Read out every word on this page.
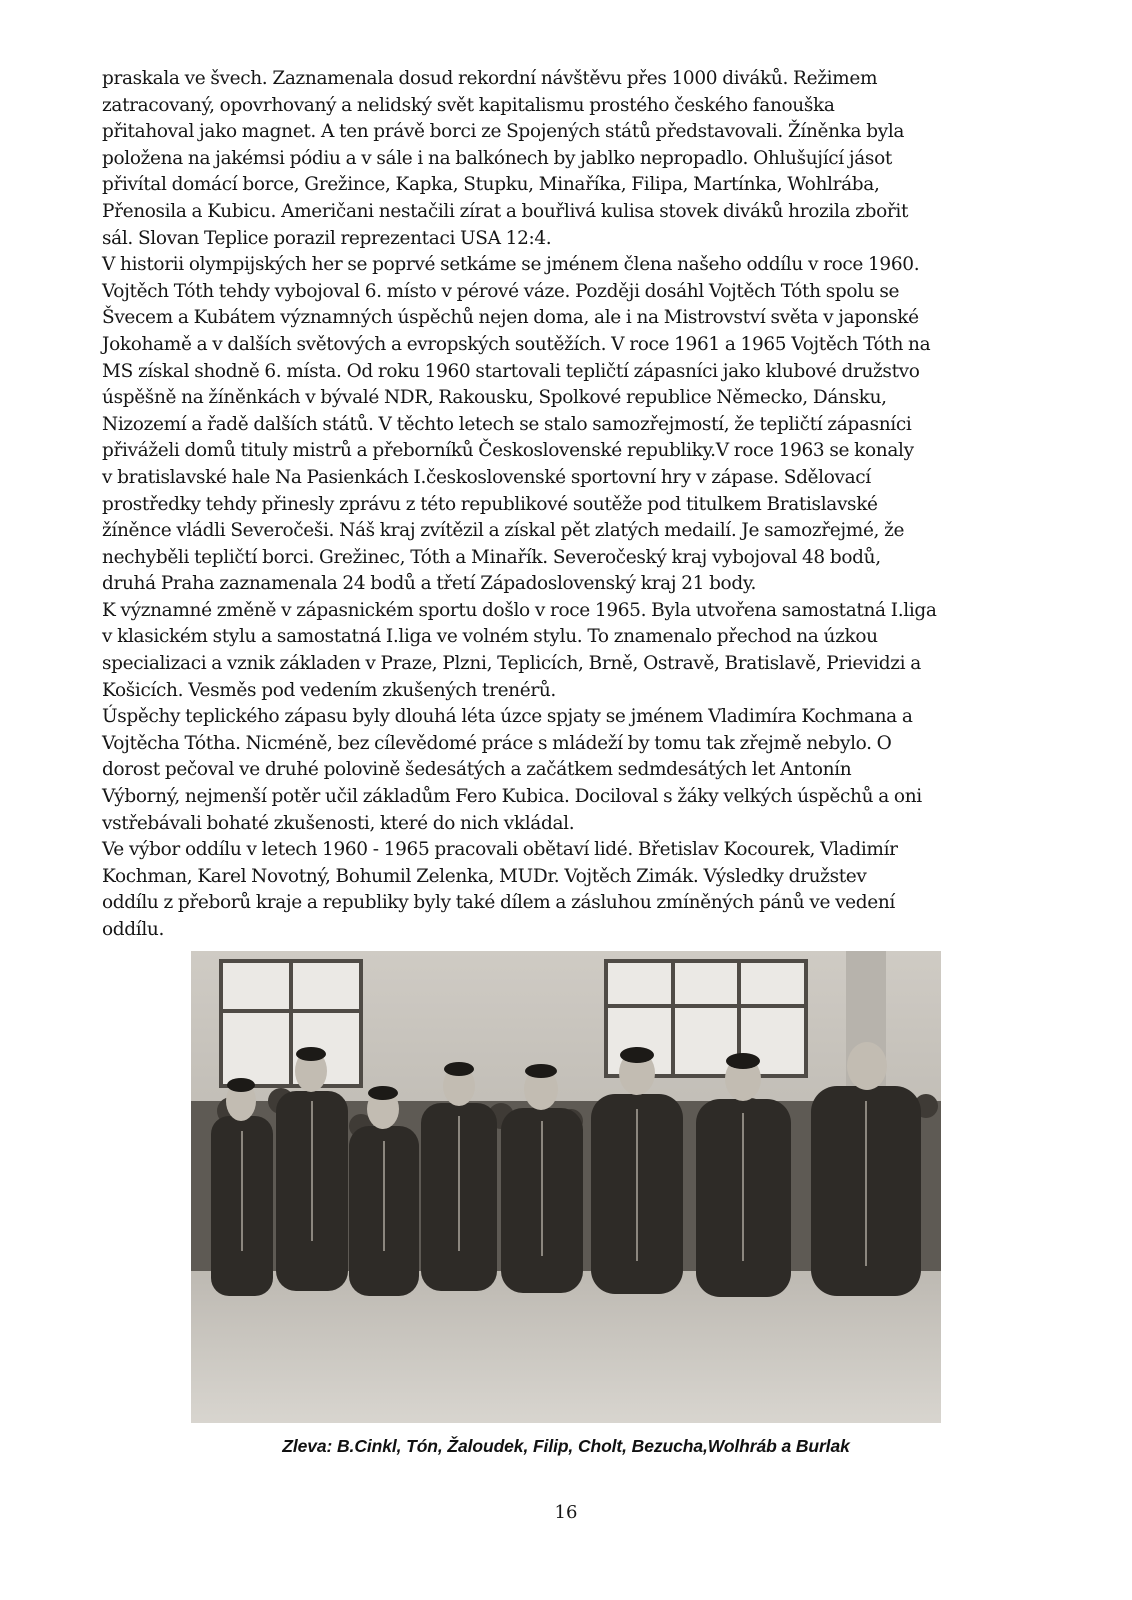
praskala ve švech. Zaznamenala dosud rekordní návštěvu přes 1000 diváků. Režimem
zatracovaný, opovrhovaný a nelidský svět kapitalismu prostého českého fanouška
přitahoval jako magnet. A ten právě borci ze Spojených států představovali. Žíněnka byla
položena na jakémsi pódiu a v sále i na balkónech by jablko nepropadlo. Ohlušující jásot
přivítal domácí borce, Grežince, Kapka, Stupku, Minaříka, Filipa, Martínka, Wohlrába,
Přenosila a Kubicu. Američani nestačili zírat a bouřlivá kulisa stovek diváků hrozila zbořit
sál. Slovan Teplice porazil reprezentaci USA 12:4.
V historii olympijských her se poprvé setkáme se jménem člena našeho oddílu v roce 1960.
Vojtěch Tóth tehdy vybojoval 6. místo v pérové váze. Později dosáhl Vojtěch Tóth spolu se
Švecem a Kubátem významných úspěchů nejen doma, ale i na Mistrovství světa v japonské
Jokohamě a v dalších světových a evropských soutěžích. V roce 1961 a 1965 Vojtěch Tóth na
MS získal shodně 6. místa. Od roku 1960 startovali tepličtí zápasníci jako klubové družstvo
úspěšně na žíněnkách v bývalé NDR, Rakousku, Spolkové republice Německo, Dánsku,
Nizozemí a řadě dalších států. V těchto letech se stalo samozřejmostí, že tepličtí zápasníci
přiváželi domů tituly mistrů a přeborníků Československé republiky.V roce 1963 se konaly
v bratislavské hale Na Pasienkách I.československé sportovní hry v zápase. Sdělovací
prostředky tehdy přinesly zprávu z této republikové soutěže pod titulkem Bratislavské
žíněnce vládli Severočeši. Náš kraj zvítězil a získal pět zlatých medailí. Je samozřejmé, že
nechyběli tepličtí borci. Grežinec, Tóth a Minařík. Severočeský kraj vybojoval 48 bodů,
druhá Praha zaznamenala 24 bodů a třetí Západoslovenský kraj 21 body.
K významné změně v zápasnickém sportu došlo v roce 1965. Byla utvořena samostatná I.liga
v klasickém stylu a samostatná I.liga ve volném stylu. To znamenalo přechod na úzkou
specializaci a vznik základen v Praze, Plzni, Teplicích, Brně, Ostravě, Bratislavě, Prievidzi a
Košicích. Vesměs pod vedením zkušených trenérů.
Úspěchy teplického zápasu byly dlouhá léta úzce spjaty se jménem Vladimíra Kochmana a
Vojtěcha Tótha. Nicméně, bez cílevědomé práce s mládeží by tomu tak zřejmě nebylo. O
dorost pečoval ve druhé polovině šedesátých a začátkem sedmdesátých let Antonín
Výborný, nejmenší potěr učil základům Fero Kubica. Dociloval s žáky velkých úspěchů a oni
vstřebávali bohaté zkušenosti, které do nich vkládal.
Ve výbor oddílu v letech 1960 - 1965 pracovali obětaví lidé. Břetislav Kocourek, Vladimír
Kochman, Karel Novotný, Bohumil Zelenka, MUDr. Vojtěch Zimák. Výsledky družstev
oddílu z přeborů kraje a republiky byly také dílem a zásluhou zmíněných pánů ve vedení
oddílu.
Zleva: B.Cinkl, Tón, Žaloudek, Filip, Cholt, Bezucha,Wolhráb a Burlak
16
